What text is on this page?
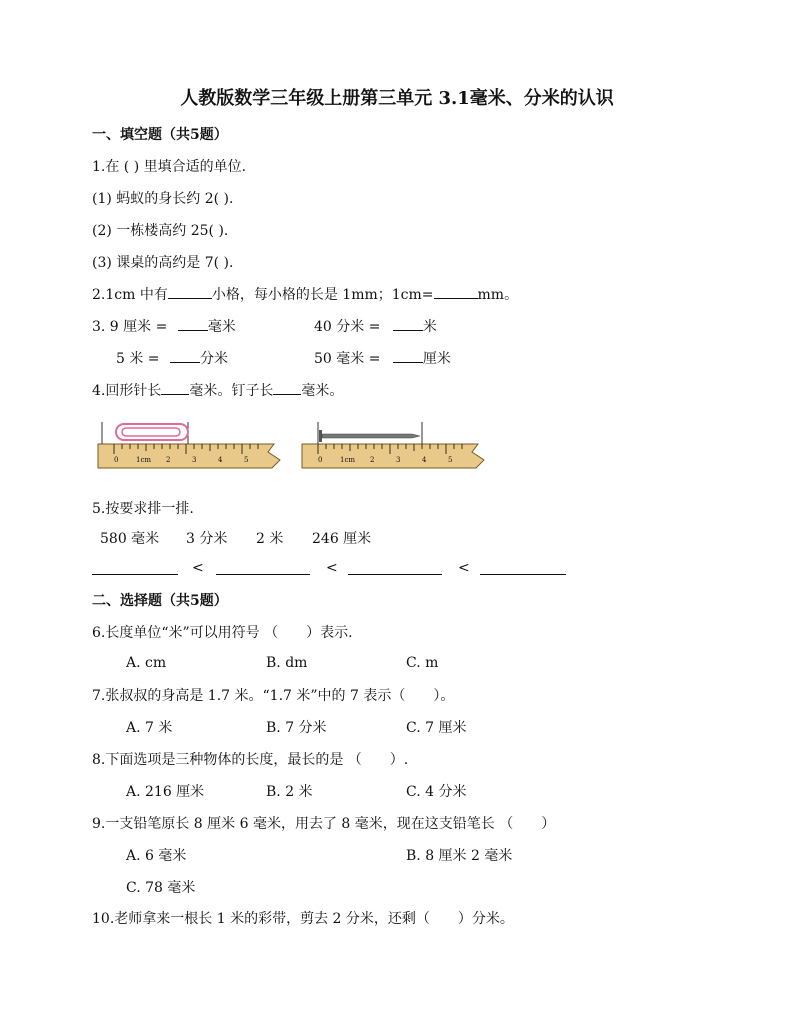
人教版数学三年级上册第三单元 3.1毫米、分米的认识
一、填空题（共5题）
1.在 ( ) 里填合适的单位.
(1) 蚂蚁的身长约 2( ).
(2) 一栋楼高约 25( ).
(3) 课桌的高约是 7( ).
2.1cm 中有	小格，每小格的长是 1mm；1cm=	mm。
3. 9 厘米 =	毫米	40 分米 =	米
5 米 =	分米	50 毫米 =	厘米
4.回形针长 毫米。钉子长 毫米。
0	1cm 2	3	4	5	0	1cm 2	3	4	5
5.按要求排一排.
580 毫米 3 分米 2 米 246 厘米
<	<	<
二、选择题（共5题）
6.长度单位“米”可以用符号 （　　）表示.
A. cm	B. dm	C. m
7.张叔叔的身高是 1.7 米。“1.7 米”中的 7 表示（　　）。
A. 7 米	B. 7 分米	C. 7 厘米
8.下面选项是三种物体的长度，最长的是 （　　）.
A. 216 厘米	B. 2 米	C. 4 分米
9.一支铅笔原长 8 厘米 6 毫米，用去了 8 毫米，现在这支铅笔长 （　　）
A. 6 毫米	B. 8 厘米 2 毫米
C. 78 毫米
10.老师拿来一根长 1 米的彩带，剪去 2 分米，还剩（　　）分米。
